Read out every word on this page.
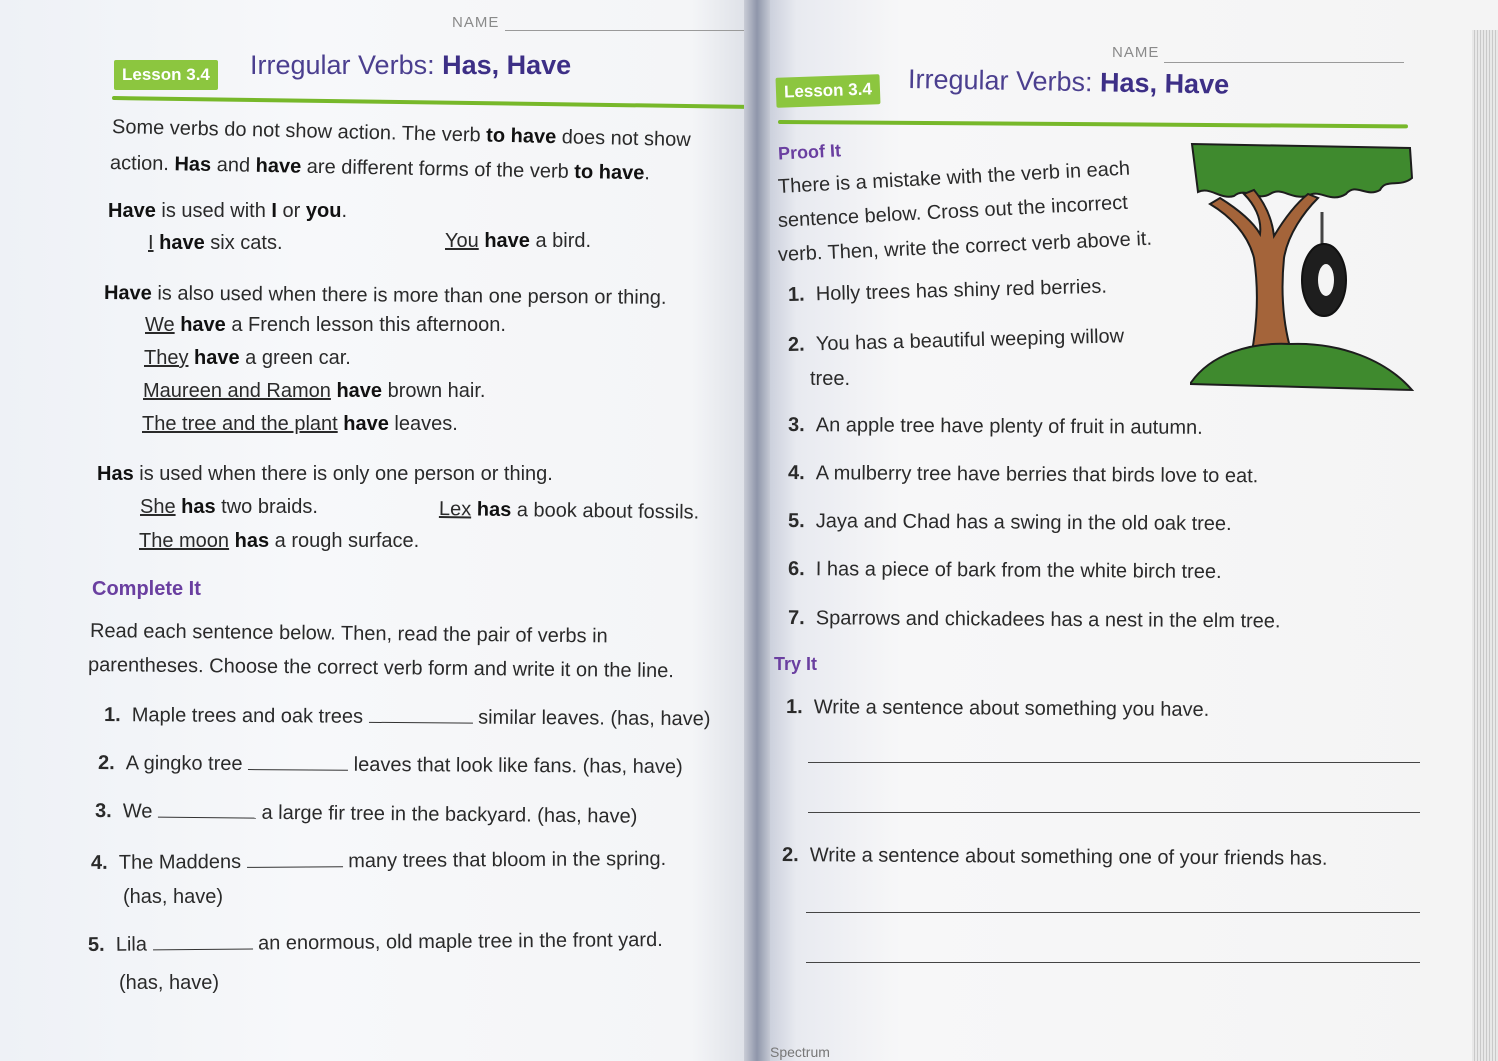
NAME
Lesson 3.4 Irregular Verbs: Has, Have
Some verbs do not show action. The verb to have does not show
action. Has and have are different forms of the verb to have.
Have is used with I or you.
I have six cats.	You have a bird.
Have is also used when there is more than one person or thing.
We have a French lesson this afternoon.
They have a green car.
Maureen and Ramon have brown hair.
The tree and the plant have leaves.
Has is used when there is only one person or thing.
She has two braids.	Lex has a book about fossils.
The moon has a rough surface.
Complete It
Read each sentence below. Then, read the pair of verbs in
parentheses. Choose the correct verb form and write it on the line.
1. Maple trees and oak trees	similar leaves. (has, have)
2. A gingko tree	leaves that look like fans. (has, have)
3. We	a large fir tree in the backyard. (has, have)
4. The Maddens	many trees that bloom in the spring.
(has, have)
5. Lila	an enormous, old maple tree in the front yard.
(has, have)
NAME
Lesson 3.4	Irregular Verbs: Has, Have
Proof It
There is a mistake with the verb in each
sentence below. Cross out the incorrect
verb. Then, write the correct verb above it.
1. Holly trees has shiny red berries.
2. You has a beautiful weeping willow
tree.
3. An apple tree have plenty of fruit in autumn.
4. A mulberry tree have berries that birds love to eat.
5. Jaya and Chad has a swing in the old oak tree.
6. I has a piece of bark from the white birch tree.
7. Sparrows and chickadees has a nest in the elm tree.
Try It
1. Write a sentence about something you have.
2. Write a sentence about something one of your friends has.
Spectrum
